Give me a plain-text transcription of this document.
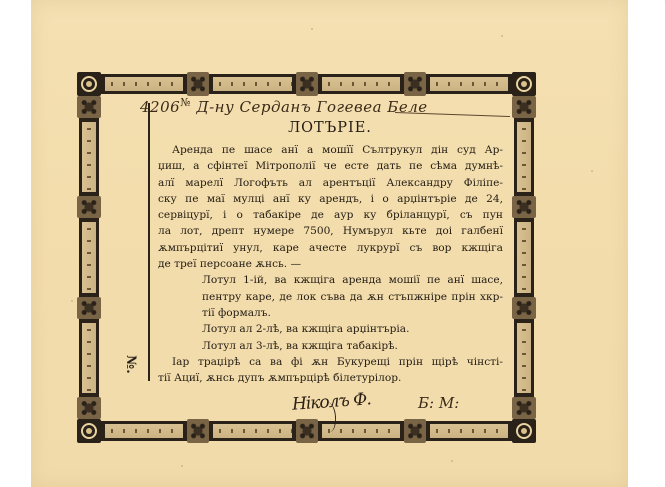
№.
4206№ Д-ну Серданъ Гогевеа Беле
ЛОТЪРIЕ.

Аренда пе шасе анї а мошїї Сълтрукул дін суд Ар-

џиш, а сфінтеї Мітрополії че есте дать пе сѣма думнѣ-

алї марелї Логофъть ал арентъції Александру Філіпе-

ску пе маї мулці анї ку арендъ, і о арџінтъріе де 24,

сервіцурї, і о табакіре де аур ку бріланцурї, съ пун

ла лот, дрепт нумере 7500, Нумърул кьте доі галбенї

ѫмпърцітиї унул, каре ачесте лукрурї съ вор кжщіга

де треї персоане ѫнсь. —

Лотул 1-ій, ва кжщіга аренда мошії пе анї шасе,

пентру каре, де лок съва да ѫн стъпжніре прін хкр-

тії формалъ.

Лотул ал 2-лѣ, ва кжщіга арџінтъріа.

Лотул ал 3-лѣ, ва кжщіга табакірѣ.

Іар траџірѣ са ва фі ѫн Букурещі прін щірѣ чінсті-

тії Ациї, ѫнсь дупъ ѫмпърцірѣ білетурілор.

Ніколъ Ф.	Б: М:
